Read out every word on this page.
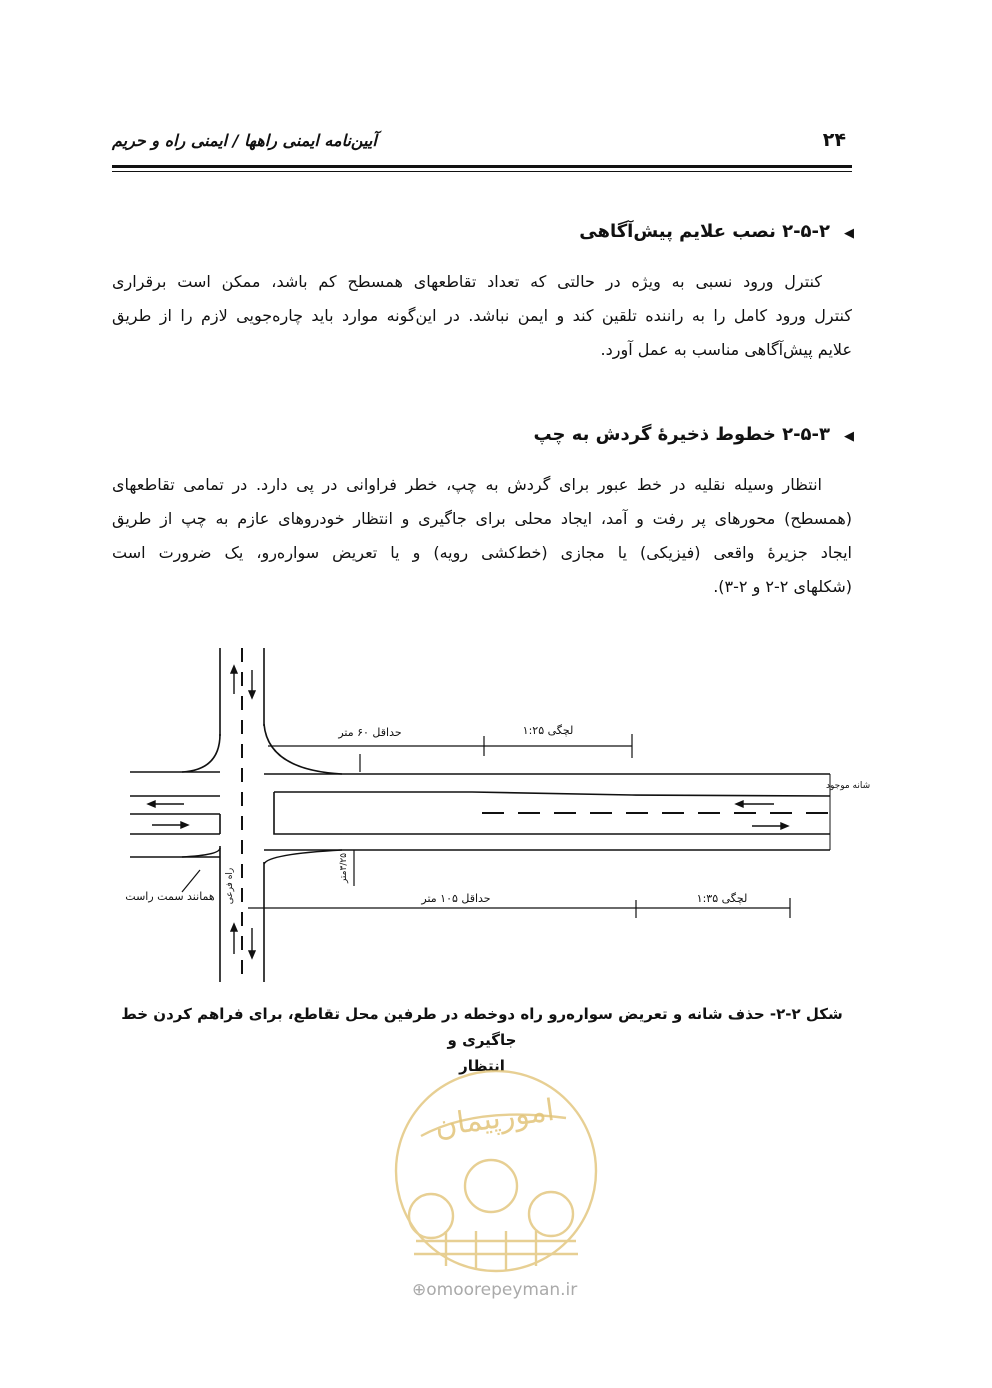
آیین‌نامه ایمنی راهها / ایمنی راه و حریم	۲۴
◀۲-۵-۲ نصب علایم پیش‌آگاهی
کنترل ورود نسبی به ویژه در حالتی که تعداد تقاطعهای همسطح کم باشد، ممکن است برقراری
کنترل ورود کامل را به راننده تلقین کند و ایمن نباشد. در این‌گونه موارد باید چاره‌جویی لازم را از طریق
علایم پیش‌آگاهی مناسب به عمل آورد.
◀۲-۵-۳ خطوط ذخیرهٔ گردش به چپ
انتظار وسیله نقلیه در خط عبور برای گردش به چپ، خطر فراوانی در پی دارد. در تمامی تقاطعهای
(همسطح) محورهای پر رفت و آمد، ایجاد محلی برای جاگیری و انتظار خودروهای عازم به چپ از طریق
ایجاد جزیرهٔ واقعی (فیزیکی) یا مجازی (خط‌کشی رویه) و یا تعریض سواره‌رو، یک ضرورت است
(شکلهای ۲-۲ و ۲-۳).
حداقل ۶۰ متر	لچگی ۱:۲۵
شانه موجود
همانند سمت راست راه فرعی	۳/۲۵متر
حداقل ۱۰۵ متر	لچگی ۱:۳۵
شکل ۲-۲- حذف شانه و تعریض سواره‌رو راه دوخطه در طرفین محل تقاطع، برای فراهم کردن خط جاگیری و
انتظار
امورپیمان
⊕omoorepeyman.ir
